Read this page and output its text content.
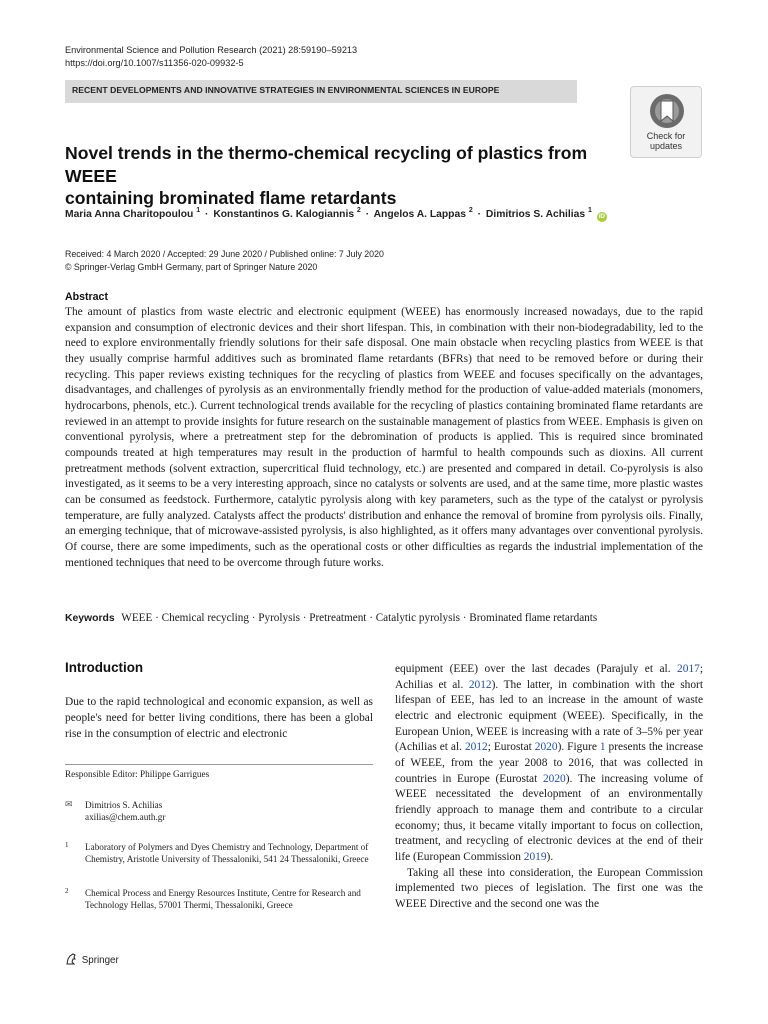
Environmental Science and Pollution Research (2021) 28:59190–59213
https://doi.org/10.1007/s11356-020-09932-5
RECENT DEVELOPMENTS AND INNOVATIVE STRATEGIES IN ENVIRONMENTAL SCIENCES IN EUROPE
Check for
updates
Novel trends in the thermo-chemical recycling of plastics from WEEE
containing brominated flame retardants
Maria Anna Charitopoulou $^1$ · Konstantinos G. Kalogiannis $^2$ · Angelos A. Lappas $^2$ · Dimitrios S. Achilias $^1$ iD
Received: 4 March 2020 / Accepted: 29 June 2020 / Published online: 7 July 2020
© Springer-Verlag GmbH Germany, part of Springer Nature 2020
Abstract
The amount of plastics from waste electric and electronic equipment (WEEE) has enormously increased nowadays, due to the rapid expansion and consumption of electronic devices and their short lifespan. This, in combination with their non-biodegradability, led to the need to explore environmentally friendly solutions for their safe disposal. One main obstacle when recycling plastics from WEEE is that they usually comprise harmful additives such as brominated flame retardants (BFRs) that need to be removed before or during their recycling. This paper reviews existing techniques for the recycling of plastics from WEEE and focuses specifically on the advantages, disadvantages, and challenges of pyrolysis as an environmentally friendly method for the production of value-added materials (monomers, hydrocarbons, phenols, etc.). Current technological trends available for the recycling of plastics containing brominated flame retardants are reviewed in an attempt to provide insights for future research on the sustainable management of plastics from WEEE. Emphasis is given on conventional pyrolysis, where a pretreatment step for the debromination of products is applied. This is required since brominated compounds treated at high temperatures may result in the production of harmful to health compounds such as dioxins. All current pretreatment methods (solvent extraction, supercritical fluid technology, etc.) are presented and compared in detail. Co-pyrolysis is also investigated, as it seems to be a very interesting approach, since no catalysts or solvents are used, and at the same time, more plastic wastes can be consumed as feedstock. Furthermore, catalytic pyrolysis along with key parameters, such as the type of the catalyst or pyrolysis temperature, are fully analyzed. Catalysts affect the products' distribution and enhance the removal of bromine from pyrolysis oils. Finally, an emerging technique, that of microwave-assisted pyrolysis, is also highlighted, as it offers many advantages over conventional pyrolysis. Of course, there are some impediments, such as the operational costs or other difficulties as regards the industrial implementation of the mentioned techniques that need to be overcome through future works.
Keywords WEEE · Chemical recycling · Pyrolysis · Pretreatment · Catalytic pyrolysis · Brominated flame retardants
Introduction
Due to the rapid technological and economic expansion, as well as people's need for better living conditions, there has been a global rise in the consumption of electric and electronic
Responsible Editor: Philippe Garrigues
✉	Dimitrios S. Achilias
axilias@chem.auth.gr
1 Laboratory of Polymers and Dyes Chemistry and Technology, Department of Chemistry, Aristotle University of Thessaloniki, 541 24 Thessaloniki, Greece
2 Chemical Process and Energy Resources Institute, Centre for Research and Technology Hellas, 57001 Thermi, Thessaloniki, Greece
Springer

equipment (EEE) over the last decades (Parajuly et al. 2017; Achilias et al. 2012). The latter, in combination with the short lifespan of EEE, has led to an increase in the amount of waste electric and electronic equipment (WEEE). Specifically, in the European Union, WEEE is increasing with a rate of 3–5% per year (Achilias et al. 2012; Eurostat 2020). Figure 1 presents the increase of WEEE, from the year 2008 to 2016, that was collected in countries in Europe (Eurostat 2020). The increasing volume of WEEE necessitated the development of an environmentally friendly approach to manage them and contribute to a circular economy; thus, it became vitally important to focus on collection, treatment, and recycling of electronic devices at the end of their life (European Commission 2019).

Taking all these into consideration, the European Commission implemented two pieces of legislation. The first one was the WEEE Directive and the second one was the
